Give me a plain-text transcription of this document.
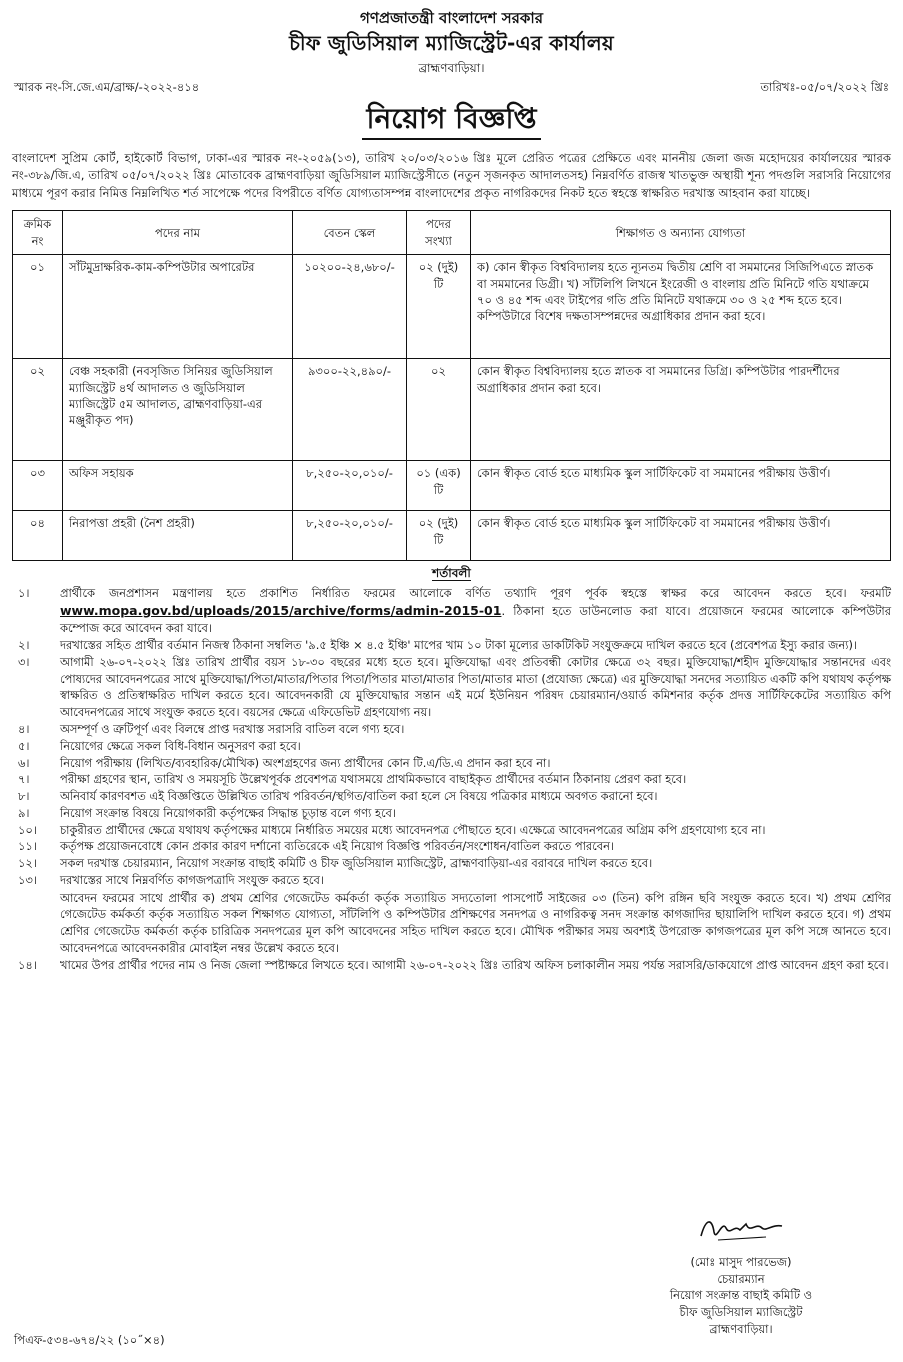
গণপ্রজাতন্ত্রী বাংলাদেশ সরকার
চীফ জুডিসিয়াল ম্যাজিস্ট্রেট-এর কার্যালয়
ব্রাহ্মণবাড়িয়া।
স্মারক নং-সি.জে.এম/ব্রাক্ষ/-২০২২-৪১৪	তারিখঃ-০৫/০৭/২০২২ খ্রিঃ
নিয়োগ বিজ্ঞপ্তি

বাংলাদেশ সুপ্রিম কোর্ট, হাইকোর্ট বিভাগ, ঢাকা-এর স্মারক নং-২০৫৯(১৩), তারিখ ২০/০৩/২০১৬ খ্রিঃ মূলে প্রেরিত পত্রের প্রেক্ষিতে এবং মাননীয় জেলা জজ মহোদয়ের কার্যালয়ের স্মারক নং-৩৮৯/জি.এ, তারিখ ০৫/০৭/২০২২ খ্রিঃ মোতাবেক ব্রাহ্মণবাড়িয়া জুডিসিয়াল ম্যাজিস্ট্রেসীতে (নতুন সৃজনকৃত আদালতসহ) নিম্নবর্ণিত রাজস্ব খাতভুক্ত অস্থায়ী শূন্য পদগুলি সরাসরি নিয়োগের মাধ্যমে পূরণ করার নিমিত্ত নিম্নলিখিত শর্ত সাপেক্ষে পদের বিপরীতে বর্ণিত যোগ্যতাসম্পন্ন বাংলাদেশের প্রকৃত নাগরিকদের নিকট হতে স্বহস্তে স্বাক্ষরিত দরখাস্ত আহবান করা যাচ্ছে।

ক্রমিক নং	পদের নাম	বেতন স্কেল	পদের সংখ্যা	শিক্ষাগত ও অন্যান্য যোগ্যতা
০১	সাঁটমুদ্রাক্ষরিক-কাম-কম্পিউটার অপারেটর	১০২০০-২৪,৬৮০/-	০২ (দুই) টি	ক) কোন স্বীকৃত বিশ্ববিদ্যালয় হতে ন্যূনতম দ্বিতীয় শ্রেণি বা সমমানের সিজিপিএতে স্নাতক বা সমমানের ডিগ্রী। খ) সাঁটলিপি লিখনে ইংরেজী ও বাংলায় প্রতি মিনিটে গতি যথাক্রমে ৭০ ও ৪৫ শব্দ এবং টাইপের গতি প্রতি মিনিটে যথাক্রমে ৩০ ও ২৫ শব্দ হতে হবে। কম্পিউটারে বিশেষ দক্ষতাসম্পন্নদের অগ্রাধিকার প্রদান করা হবে।
০২	বেঞ্চ সহকারী (নবসৃজিত সিনিয়র জুডিসিয়াল ম্যাজিস্ট্রেট ৪র্থ আদালত ও জুডিসিয়াল ম্যাজিস্ট্রেট ৫ম আদালত, ব্রাহ্মণবাড়িয়া-এর মঞ্জুরীকৃত পদ)	৯৩০০-২২,৪৯০/-	০২	কোন স্বীকৃত বিশ্ববিদ্যালয় হতে স্নাতক বা সমমানের ডিগ্রি। কম্পিউটার পারদর্শীদের অগ্রাধিকার প্রদান করা হবে।
০৩	অফিস সহায়ক	৮,২৫০-২০,০১০/-	০১ (এক) টি	কোন স্বীকৃত বোর্ড হতে মাধ্যমিক স্কুল সার্টিফিকেট বা সমমানের পরীক্ষায় উত্তীর্ণ।
০৪	নিরাপত্তা প্রহরী (নৈশ প্রহরী)	৮,২৫০-২০,০১০/-	০২ (দুই) টি	কোন স্বীকৃত বোর্ড হতে মাধ্যমিক স্কুল সার্টিফিকেট বা সমমানের পরীক্ষায় উত্তীর্ণ।
শর্তাবলী
১।	প্রার্থীকে জনপ্রশাসন মন্ত্রণালয় হতে প্রকাশিত নির্ধারিত ফরমের আলোকে বর্ণিত তথ্যাদি পূরণ পূর্বক স্বহস্তে স্বাক্ষর করে আবেদন করতে হবে। ফরমটি www.mopa.gov.bd/uploads/2015/archive/forms/admin-2015-01. ঠিকানা হতে ডাউনলোড করা যাবে। প্রয়োজনে ফরমের আলোকে কম্পিউটার কম্পোজ করে আবেদন করা যাবে।
২।	দরখাস্তের সহিত প্রার্থীর বর্তমান নিজস্ব ঠিকানা সম্বলিত '৯.৫ ইঞ্চি × ৪.৫ ইঞ্চি' মাপের খাম ১০ টাকা মূল্যের ডাকটিকিট সংযুক্তক্রমে দাখিল করতে হবে (প্রবেশপত্র ইস্যু করার জন্য)।
৩।	আগামী ২৬-০৭-২০২২ খ্রিঃ তারিখ প্রার্থীর বয়স ১৮-৩০ বছরের মধ্যে হতে হবে। মুক্তিযোদ্ধা এবং প্রতিবন্ধী কোটার ক্ষেত্রে ৩২ বছর। মুক্তিযোদ্ধা/শহীদ মুক্তিযোদ্ধার সন্তানদের এবং পোষ্যদের আবেদনপত্রের সাথে মুক্তিযোদ্ধা/পিতা/মাতার/পিতার পিতা/পিতার মাতা/মাতার পিতা/মাতার মাতা (প্রযোজ্য ক্ষেত্রে) এর মুক্তিযোদ্ধা সনদের সত্যায়িত একটি কপি যথাযথ কর্তৃপক্ষ স্বাক্ষরিত ও প্রতিস্বাক্ষরিত দাখিল করতে হবে। আবেদনকারী যে মুক্তিযোদ্ধার সন্তান এই মর্মে ইউনিয়ন পরিষদ চেয়ারম্যান/ওয়ার্ড কমিশনার কর্তৃক প্রদত্ত সার্টিফিকেটের সত্যায়িত কপি আবেদনপত্রের সাথে সংযুক্ত করতে হবে। বয়সের ক্ষেত্রে এফিডেভিট গ্রহণযোগ্য নয়।
৪।	অসম্পূর্ণ ও ত্রুটিপূর্ণ এবং বিলম্বে প্রাপ্ত দরখাস্ত সরাসরি বাতিল বলে গণ্য হবে।
৫।	নিয়োগের ক্ষেত্রে সকল বিধি-বিধান অনুসরণ করা হবে।
৬।	নিয়োগ পরীক্ষায় (লিখিত/ব্যবহারিক/মৌখিক) অংশগ্রহণের জন্য প্রার্থীদের কোন টি.এ/ডি.এ প্রদান করা হবে না।
৭।	পরীক্ষা গ্রহণের স্থান, তারিখ ও সময়সূচি উল্লেখপূর্বক প্রবেশপত্র যথাসময়ে প্রাথমিকভাবে বাছাইকৃত প্রার্থীদের বর্তমান ঠিকানায় প্রেরণ করা হবে।
৮।	অনিবার্য কারণবশত এই বিজ্ঞপ্তিতে উল্লিখিত তারিখ পরিবর্তন/স্থগিত/বাতিল করা হলে সে বিষয়ে পত্রিকার মাধ্যমে অবগত করানো হবে।
৯।	নিয়োগ সংক্রান্ত বিষয়ে নিয়োগকারী কর্তৃপক্ষের সিদ্ধান্ত চূড়ান্ত বলে গণ্য হবে।
১০।	চাকুরীরত প্রার্থীদের ক্ষেত্রে যথাযথ কর্তৃপক্ষের মাধ্যমে নির্ধারিত সময়ের মধ্যে আবেদনপত্র পৌছাতে হবে। এক্ষেত্রে আবেদনপত্রের অগ্রিম কপি গ্রহণযোগ্য হবে না।
১১।	কর্তৃপক্ষ প্রয়োজনবোধে কোন প্রকার কারণ দর্শানো ব্যতিরেকে এই নিয়োগ বিজ্ঞপ্তি পরিবর্তন/সংশোধন/বাতিল করতে পারবেন।
১২।	সকল দরখাস্ত চেয়ারম্যান, নিয়োগ সংক্রান্ত বাছাই কমিটি ও চীফ জুডিসিয়াল ম্যাজিস্ট্রেট, ব্রাহ্মণবাড়িয়া-এর বরাবরে দাখিল করতে হবে।
১৩।	দরখাস্তের সাথে নিম্নবর্ণিত কাগজপত্রাদি সংযুক্ত করতে হবে।
আবেদন ফরমের সাথে প্রার্থীর ক) প্রথম শ্রেণির গেজেটেড কর্মকর্তা কর্তৃক সত্যায়িত সদ্যতোলা পাসপোর্ট সাইজের ০৩ (তিন) কপি রঙ্গিন ছবি সংযুক্ত করতে হবে। খ) প্রথম শ্রেণির গেজেটেড কর্মকর্তা কর্তৃক সত্যায়িত সকল শিক্ষাগত যোগ্যতা, সাঁটলিপি ও কম্পিউটার প্রশিক্ষণের সনদপত্র ও নাগরিকত্ব সনদ সংক্রান্ত কাগজাদির ছায়ালিপি দাখিল করতে হবে। গ) প্রথম শ্রেণির গেজেটেড কর্মকর্তা কর্তৃক চারিত্রিক সনদপত্রের মূল কপি আবেদনের সহিত দাখিল করতে হবে। মৌখিক পরীক্ষার সময় অবশ্যই উপরোক্ত কাগজপত্রের মূল কপি সঙ্গে আনতে হবে। আবেদনপত্রে আবেদনকারীর মোবাইল নম্বর উল্লেখ করতে হবে।
১৪।	খামের উপর প্রার্থীর পদের নাম ও নিজ জেলা স্পষ্টাক্ষরে লিখতে হবে। আগামী ২৬-০৭-২০২২ খ্রিঃ তারিখ অফিস চলাকালীন সময় পর্যন্ত সরাসরি/ডাকযোগে প্রাপ্ত আবেদন গ্রহণ করা হবে।
(মোঃ মাসুদ পারভেজ)
চেয়ারম্যান
নিয়োগ সংক্রান্ত বাছাই কমিটি ও
চীফ জুডিসিয়াল ম্যাজিস্ট্রেট
ব্রাহ্মণবাড়িয়া।
পিএফ-৫৩৪-৬৭৪/২২ (১০˝×৪)
